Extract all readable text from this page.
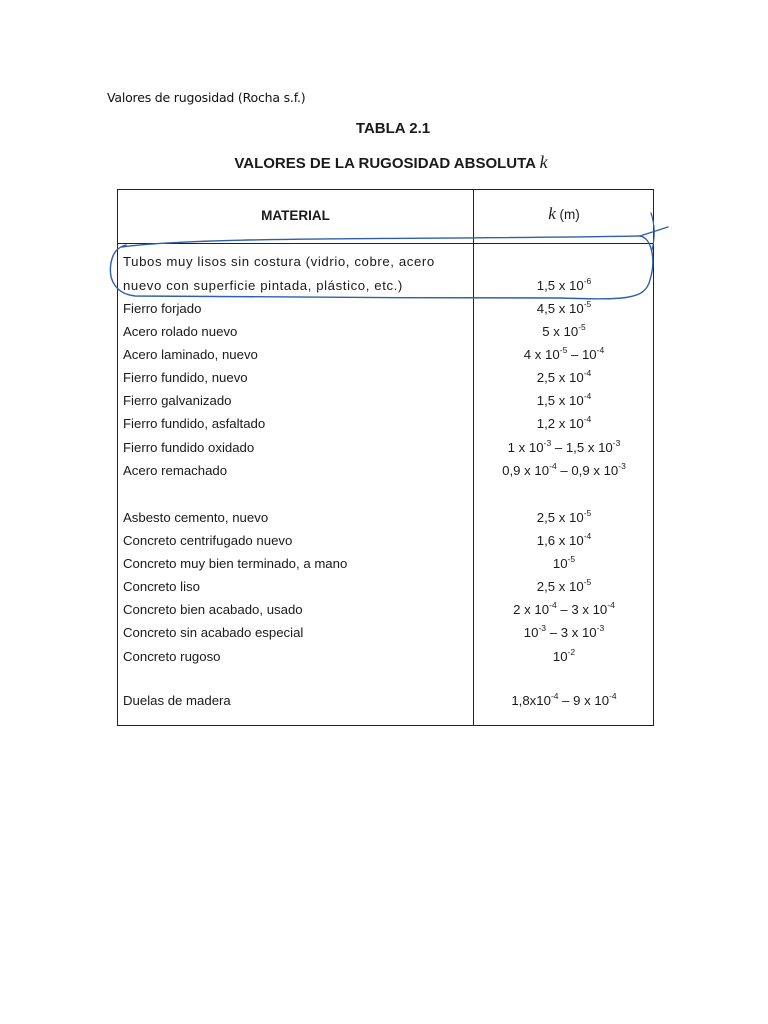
Valores de rugosidad (Rocha s.f.)
TABLA 2.1
VALORES DE LA RUGOSIDAD ABSOLUTA k
MATERIAL	k (m)
Tubos muy lisos sin costura (vidrio, cobre, acero
nuevo con superficie pintada, plástico, etc.)	1,5 x $10^{-6}$
Fierro forjado	4,5 x $10^{-5}$
Acero rolado nuevo	5 x $10^{-5}$
Acero laminado, nuevo	4 x $10^{-5} - 10^{-4}$
Fierro fundido, nuevo	2,5 x $10^{-4}$
Fierro galvanizado	1,5 x $10^{-4}$
Fierro fundido, asfaltado	1,2 x $10^{-4}$
Fierro fundido oxidado	1 x $10^{-3} - 1,5$ x $10^{-3}$
Acero remachado	0,9 x $10^{-4} - 0,9$ x $10^{-3}$
Asbesto cemento, nuevo	2,5 x $10^{-5}$
Concreto centrifugado nuevo	1,6 x $10^{-4}$
Concreto muy bien terminado, a mano	$10^{-5}$
Concreto liso	2,5 x $10^{-5}$
Concreto bien acabado, usado	2 x $10^{-4} - 3$ x $10^{-4}$
Concreto sin acabado especial	$10^{-3} - 3$ x $10^{-3}$
Concreto rugoso	$10^{-2}$
Duelas de madera	$1,8x10^{-4} - 9$ x $10^{-4}$
